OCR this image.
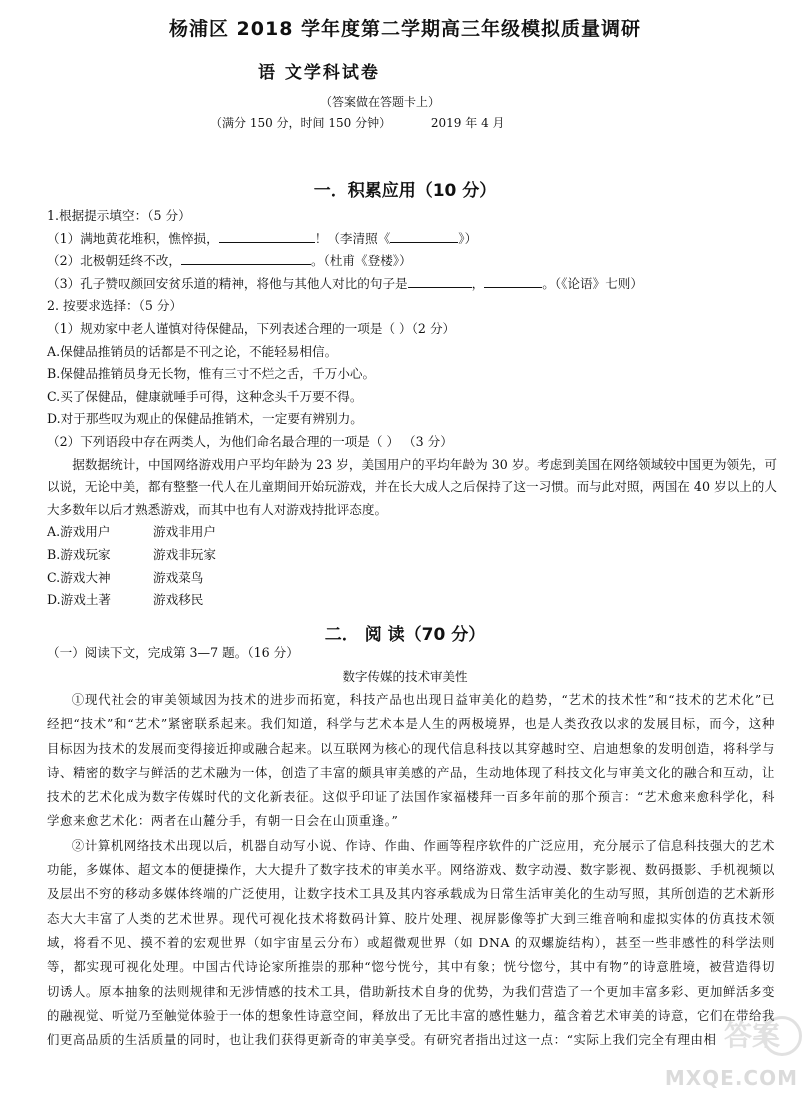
杨浦区 2018 学年度第二学期高三年级模拟质量调研
语 文学科试卷
（答案做在答题卡上）
（满分 150 分，时间 150 分钟）	2019 年 4 月
一．积累应用（10 分）

1.根据提示填空：（5 分）

（1）满地黄花堆积，憔悴损，	！（李清照《	》）

（2）北极朝廷终不改，	。（杜甫《登楼》）

（3）孔子赞叹颜回安贫乐道的精神，将他与其他人对比的句子是	，	。（《论语》七则）

2. 按要求选择：（5 分）

（1）规劝家中老人谨慎对待保健品，下列表述合理的一项是（ ）（2 分）

A.保健品推销员的话都是不刊之论，不能轻易相信。

B.保健品推销员身无长物，惟有三寸不烂之舌，千万小心。

C.买了保健品，健康就唾手可得，这种念头千万要不得。

D.对于那些叹为观止的保健品推销术，一定要有辨别力。

（2）下列语段中存在两类人，为他们命名最合理的一项是（ ） （3 分）

据数据统计，中国网络游戏用户平均年龄为 23 岁，美国用户的平均年龄为 30 岁。考虑到美国在网络领域较中国更为领先，可以说，无论中美，都有整整一代人在儿童期间开始玩游戏，并在长大成人之后保持了这一习惯。而与此对照，两国在 40 岁以上的人大多数年以后才熟悉游戏，而其中也有人对游戏持批评态度。

A.游戏用户	游戏非用户

B.游戏玩家	游戏非玩家

C.游戏大神	游戏菜鸟

D.游戏土著	游戏移民

二． 阅 读（70 分）

（一）阅读下文，完成第 3—7 题。（16 分）

数字传媒的技术审美性

①现代社会的审美领域因为技术的进步而拓宽，科技产品也出现日益审美化的趋势，“艺术的技术性”和“技术的艺术化”已经把“技术”和“艺术”紧密联系起来。我们知道，科学与艺术本是人生的两极境界，也是人类孜孜以求的发展目标，而今，这种目标因为技术的发展而变得接近抑或融合起来。以互联网为核心的现代信息科技以其穿越时空、启迪想象的发明创造，将科学与诗、精密的数字与鲜活的艺术融为一体，创造了丰富的颇具审美感的产品，生动地体现了科技文化与审美文化的融合和互动，让技术的艺术化成为数字传媒时代的文化新表征。这似乎印证了法国作家福楼拜一百多年前的那个预言：“艺术愈来愈科学化，科学愈来愈艺术化：两者在山麓分手，有朝一日会在山顶重逢。”

②计算机网络技术出现以后，机器自动写小说、作诗、作曲、作画等程序软件的广泛应用，充分展示了信息科技强大的艺术功能，多媒体、超文本的便捷操作，大大提升了数字技术的审美水平。网络游戏、数字动漫、数字影视、数码摄影、手机视频以及层出不穷的移动多媒体终端的广泛使用，让数字技术工具及其内容承载成为日常生活审美化的生动写照，其所创造的艺术新形态大大丰富了人类的艺术世界。现代可视化技术将数码计算、胶片处理、视屏影像等扩大到三维音响和虚拟实体的仿真技术领域，将看不见、摸不着的宏观世界（如宇宙星云分布）或超微观世界（如 DNA 的双螺旋结构），甚至一些非感性的科学法则等，都实现可视化处理。中国古代诗论家所推崇的那种“惚兮恍兮，其中有象；恍兮惚兮，其中有物”的诗意胜境，被营造得切切诱人。原本抽象的法则规律和无涉情感的技术工具，借助新技术自身的优势，为我们营造了一个更加丰富多彩、更加鲜活多变的融视觉、听觉乃至触觉体验于一体的想象性诗意空间，释放出了无比丰富的感性魅力，蕴含着艺术审美的诗意，它们在带给我们更高品质的生活质量的同时，也让我们获得更新奇的审美享受。有研究者指出过这一点：“实际上我们完全有理由相 答案
MXQE.COM
